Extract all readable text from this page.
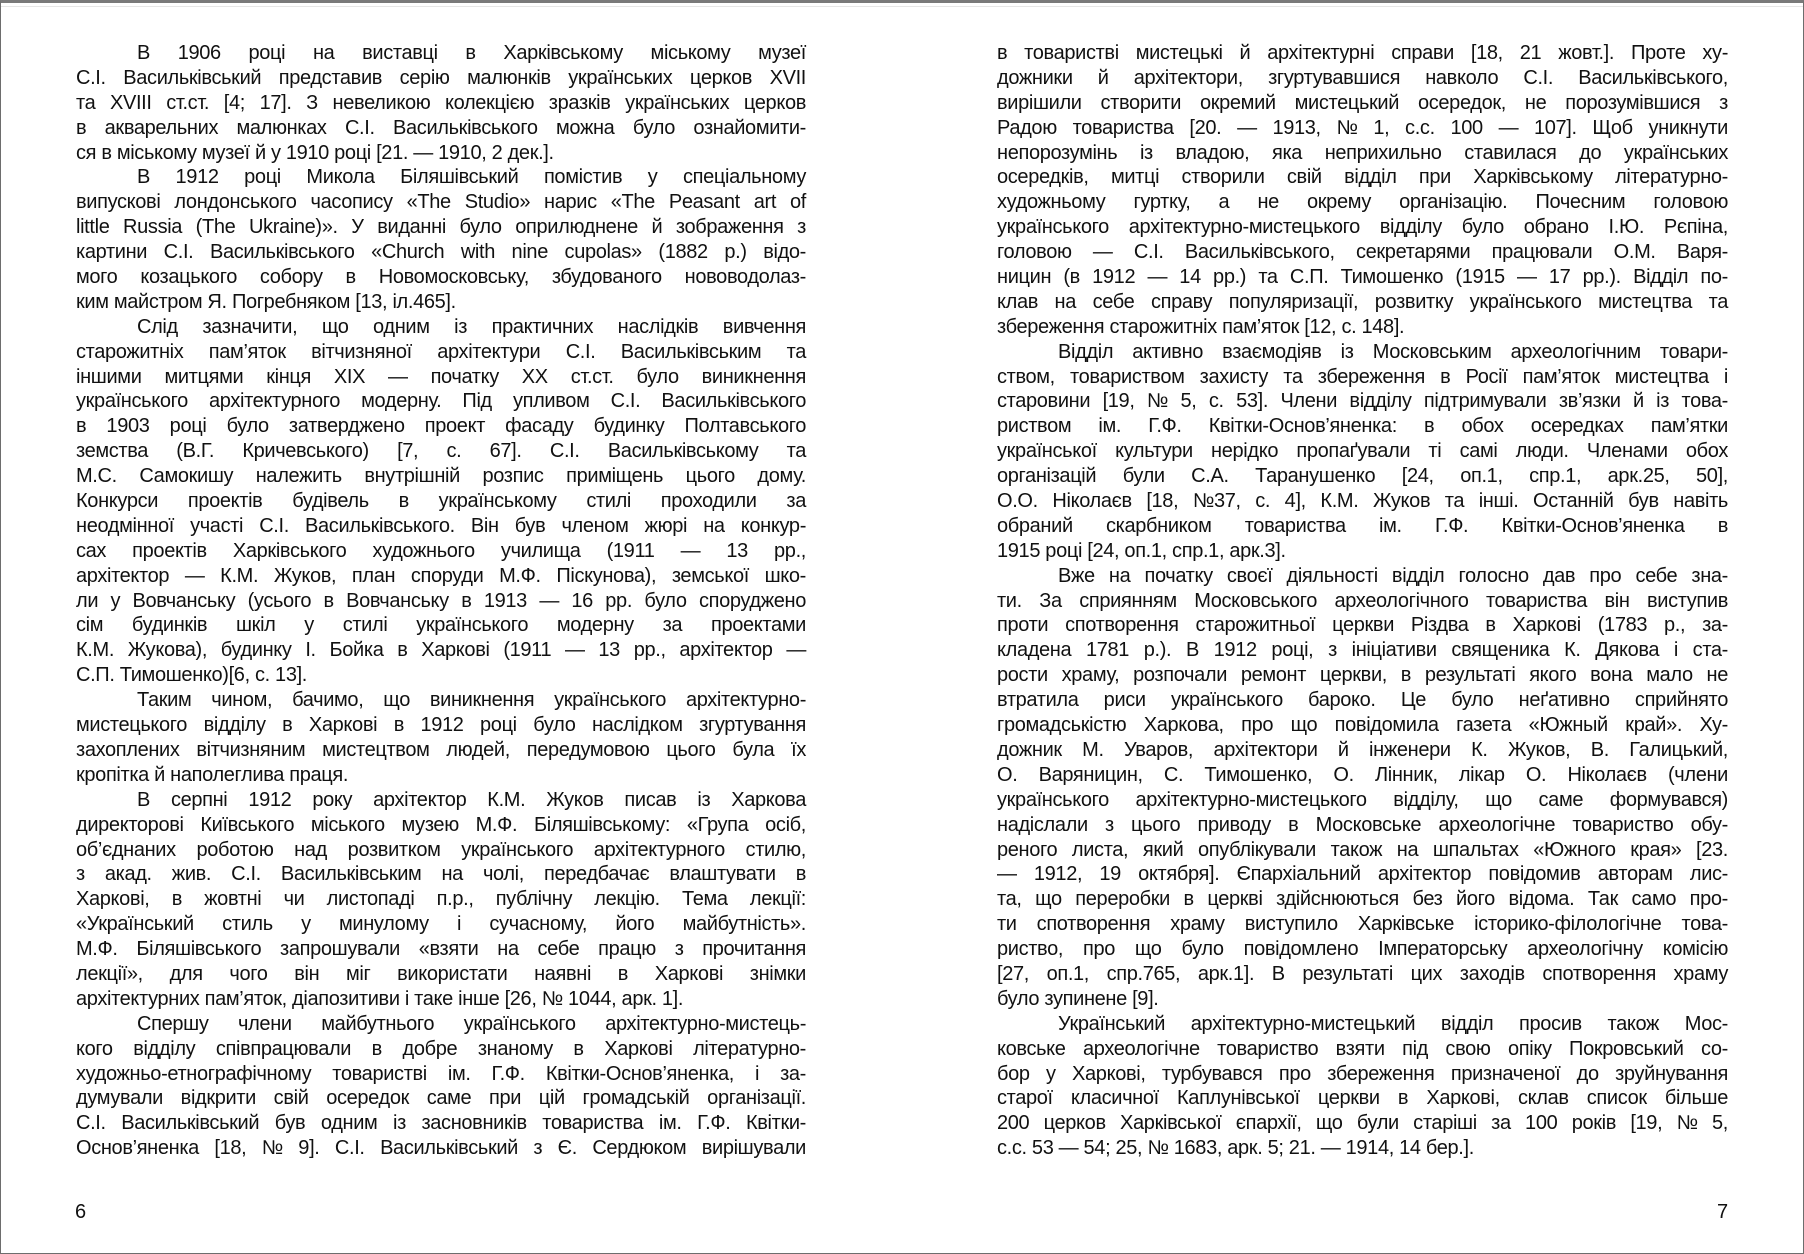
В 1906 році на виставці в Харківському міському музеї
С.І. Васильківський представив серію малюнків українських церков XVII
та XVIII ст.ст. [4; 17]. З невеликою колекцією зразків українських церков
в акварельних малюнках С.І. Васильківського можна було ознайомити-
ся в міському музеї й у 1910 році [21. — 1910, 2 дек.].
В 1912 році Микола Біляшівський помістив у спеціальному
випускові лондонського часопису «The Studio» нарис «The Peasant art of
little Russia (The Ukraine)». У виданні було оприлюднене й зображення з
картини С.І. Васильківського «Church with nine cupolas» (1882 р.) відо-
мого козацького собору в Новомосковську, збудованого нововодолаз-
ким майстром Я. Погребняком [13, іл.465].
Слід зазначити, що одним із практичних наслідків вивчення
старожитніх пам’яток вітчизняної архітектури С.І. Васильківським та
іншими митцями кінця XIX — початку XX ст.ст. було виникнення
українського архітектурного модерну. Під упливом С.І. Васильківського
в 1903 році було затверджено проект фасаду будинку Полтавського
земства (В.Г. Кричевського) [7, с. 67]. С.І. Васильківському та
М.С. Самокишу належить внутрішній розпис приміщень цього дому.
Конкурси проектів будівель в українському стилі проходили за
неодмінної участі С.І. Васильківського. Він був членом жюрі на конкур-
сах проектів Харківського художнього училища (1911 — 13 рр.,
архітектор — К.М. Жуков, план споруди М.Ф. Піскунова), земської шко-
ли у Вовчанську (усього в Вовчанську в 1913 — 16 рр. було споруджено
сім будинків шкіл у стилі українського модерну за проектами
К.М. Жукова), будинку І. Бойка в Харкові (1911 — 13 рр., архітектор —
С.П. Тимошенко)[6, с. 13].
Таким чином, бачимо, що виникнення українського архітектурно-
мистецького відділу в Харкові в 1912 році було наслідком згуртування
захоплених вітчизняним мистецтвом людей, передумовою цього була їх
кропітка й наполеглива праця.
В серпні 1912 року архітектор К.М. Жуков писав із Харкова
директорові Київського міського музею М.Ф. Біляшівському: «Група осіб,
об’єднаних роботою над розвитком українського архітектурного стилю,
з акад. жив. С.І. Васильківським на чолі, передбачає влаштувати в
Харкові, в жовтні чи листопаді п.р., публічну лекцію. Тема лекції:
«Український стиль у минулому і сучасному, його майбутність».
М.Ф. Біляшівського запрошували «взяти на себе працю з прочитання
лекції», для чого він міг використати наявні в Харкові знімки
архітектурних пам’яток, діапозитиви і таке інше [26, № 1044, арк. 1].
Спершу члени майбутнього українського архітектурно-мистець-
кого відділу співпрацювали в добре знаному в Харкові літературно-
художньо-етнографічному товаристві ім. Г.Ф. Квітки-Основ’яненка, і за-
думували відкрити свій осередок саме при цій громадській організації.
С.І. Васильківський був одним із засновників товариства ім. Г.Ф. Квітки-
Основ’яненка [18, № 9]. С.І. Васильківський з Є. Сердюком вирішували
в товаристві мистецькі й архітектурні справи [18, 21 жовт.]. Проте ху-
дожники й архітектори, згуртувавшися навколо С.І. Васильківського,
вирішили створити окремий мистецький осередок, не порозумівшися з
Радою товариства [20. — 1913, № 1, с.с. 100 — 107]. Щоб уникнути
непорозумінь із владою, яка неприхильно ставилася до українських
осередків, митці створили свій відділ при Харківському літературно-
художньому гуртку, а не окрему організацію. Почесним головою
українського архітектурно-мистецького відділу було обрано І.Ю. Рєпіна,
головою — С.І. Васильківського, секретарями працювали О.М. Варя-
ницин (в 1912 — 14 рр.) та С.П. Тимошенко (1915 — 17 рр.). Відділ по-
клав на себе справу популяризації, розвитку українського мистецтва та
збереження старожитніх пам’яток [12, с. 148].
Відділ активно взаємодіяв із Московським археологічним товари-
ством, товариством захисту та збереження в Росії пам’яток мистецтва і
старовини [19, № 5, с. 53]. Члени відділу підтримували зв’язки й із това-
риством ім. Г.Ф. Квітки-Основ’яненка: в обох осередках пам’ятки
української культури нерідко пропаґували ті самі люди. Членами обох
організацій були С.А. Таранушенко [24, оп.1, спр.1, арк.25, 50],
О.О. Ніколаєв [18, №37, с. 4], К.М. Жуков та інші. Останній був навіть
обраний скарбником товариства ім. Г.Ф. Квітки-Основ’яненка в
1915 році [24, оп.1, спр.1, арк.3].
Вже на початку своєї діяльності відділ голосно дав про себе зна-
ти. За сприянням Московського археологічного товариства він виступив
проти спотворення старожитньої церкви Різдва в Харкові (1783 р., за-
кладена 1781 р.). В 1912 році, з ініціативи священика К. Дякова і ста-
рости храму, розпочали ремонт церкви, в результаті якого вона мало не
втратила риси українського бароко. Це було неґативно сприйнято
громадськістю Харкова, про що повідомила газета «Южный край». Ху-
дожник М. Уваров, архітектори й інженери К. Жуков, В. Галицький,
О. Варяницин, С. Тимошенко, О. Лінник, лікар О. Ніколаєв (члени
українського архітектурно-мистецького відділу, що саме формувався)
надіслали з цього приводу в Московське археологічне товариство обу-
реного листа, який опублікували також на шпальтах «Южного края» [23.
— 1912, 19 октября]. Єпархіальний архітектор повідомив авторам лис-
та, що переробки в церкві здійснюються без його відома. Так само про-
ти спотворення храму виступило Харківське історико-філологічне това-
риство, про що було повідомлено Імператорську археологічну комісію
[27, оп.1, спр.765, арк.1]. В результаті цих заходів спотворення храму
було зупинене [9].
Український архітектурно-мистецький відділ просив також Мос-
ковське археологічне товариство взяти під свою опіку Покровський со-
бор у Харкові, турбувався про збереження призначеної до зруйнування
старої класичної Каплунівської церкви в Харкові, склав список більше
200 церков Харківської єпархії, що були старіші за 100 років [19, № 5,
с.с. 53 — 54; 25, № 1683, арк. 5; 21. — 1914, 14 бер.].
6	7
